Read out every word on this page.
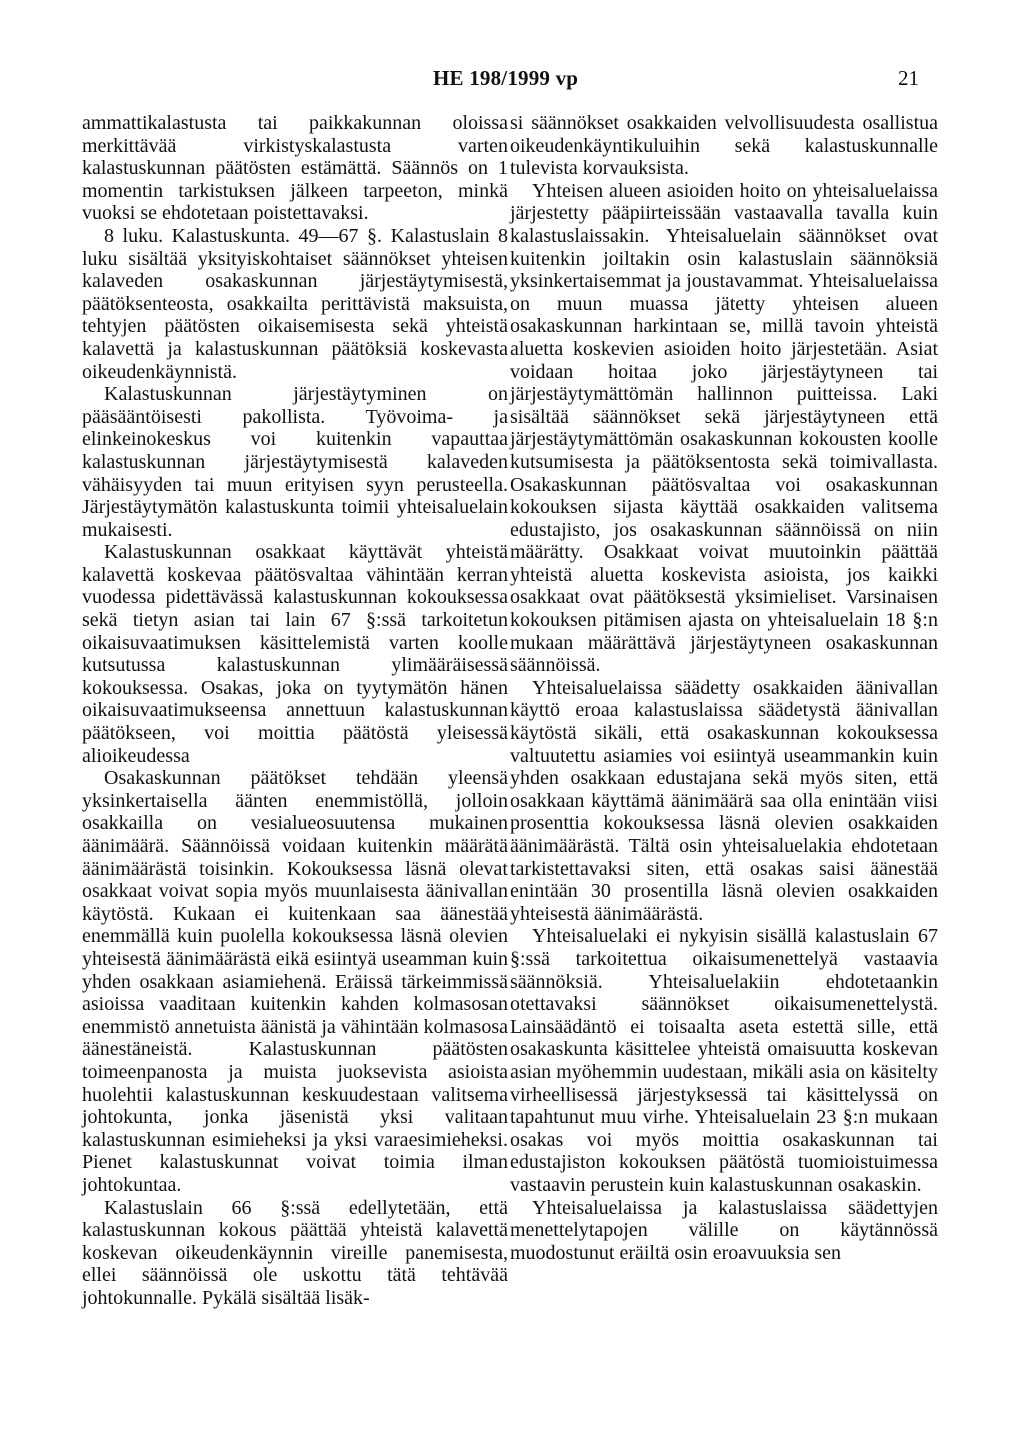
HE 198/1999 vp	21

ammattikalastusta tai paikkakunnan oloissa merkittävää virkistyskalastusta varten kalastuskunnan päätösten estämättä. Säännös on 1 momentin tarkistuksen jälkeen tarpeeton, minkä vuoksi se ehdotetaan poistettavaksi.

8 luku. Kalastuskunta. 49—67 §. Kalastuslain 8 luku sisältää yksityiskohtaiset säännökset yhteisen kalaveden osakaskunnan järjestäytymisestä, päätöksenteosta, osakkailta perittävistä maksuista, tehtyjen päätösten oikaisemisesta sekä yhteistä kalavettä ja kalastuskunnan päätöksiä koskevasta oikeudenkäynnistä.

Kalastuskunnan järjestäytyminen on pääsääntöisesti pakollista. Työvoima- ja elinkeinokeskus voi kuitenkin vapauttaa kalastuskunnan järjestäytymisestä kalaveden vähäisyyden tai muun erityisen syyn perusteella. Järjestäytymätön kalastuskunta toimii yhteisaluelain mukaisesti.

Kalastuskunnan osakkaat käyttävät yhteistä kalavettä koskevaa päätösvaltaa vähintään kerran vuodessa pidettävässä kalastuskunnan kokouksessa sekä tietyn asian tai lain 67 §:ssä tarkoitetun oikaisuvaatimuksen käsittelemistä varten koolle kutsutussa kalastuskunnan ylimääräisessä kokouksessa. Osakas, joka on tyytymätön hänen oikaisuvaatimukseensa annettuun kalastuskunnan päätökseen, voi moittia päätöstä yleisessä alioikeudessa

Osakaskunnan päätökset tehdään yleensä yksinkertaisella äänten enemmistöllä, jolloin osakkailla on vesialueosuutensa mukainen äänimäärä. Säännöissä voidaan kuitenkin määrätä äänimäärästä toisinkin. Kokouksessa läsnä olevat osakkaat voivat sopia myös muunlaisesta äänivallan käytöstä. Kukaan ei kuitenkaan saa äänestää enemmällä kuin puolella kokouksessa läsnä olevien yhteisestä äänimäärästä eikä esiintyä useamman kuin yhden osakkaan asiamiehenä. Eräissä tärkeimmissä asioissa vaaditaan kuitenkin kahden kolmasosan enemmistö annetuista äänistä ja vähintään kolmasosa äänestäneistä. Kalastuskunnan päätösten toimeenpanosta ja muista juoksevista asioista huolehtii kalastuskunnan keskuudestaan valitsema johtokunta, jonka jäsenistä yksi valitaan kalastuskunnan esimieheksi ja yksi varaesimieheksi. Pienet kalastuskunnat voivat toimia ilman johtokuntaa.

Kalastuslain 66 §:ssä edellytetään, että kalastuskunnan kokous päättää yhteistä kalavettä koskevan oikeudenkäynnin vireille panemisesta, ellei säännöissä ole uskottu tätä tehtävää johtokunnalle. Pykälä sisältää lisäk-

si säännökset osakkaiden velvollisuudesta osallistua oikeudenkäyntikuluihin sekä kalastuskunnalle tulevista korvauksista.

Yhteisen alueen asioiden hoito on yhteisaluelaissa järjestetty pääpiirteissään vastaavalla tavalla kuin kalastuslaissakin. Yhteisaluelain säännökset ovat kuitenkin joiltakin osin kalastuslain säännöksiä yksinkertaisemmat ja joustavammat. Yhteisaluelaissa on muun muassa jätetty yhteisen alueen osakaskunnan harkintaan se, millä tavoin yhteistä aluetta koskevien asioiden hoito järjestetään. Asiat voidaan hoitaa joko järjestäytyneen tai järjestäytymättömän hallinnon puitteissa. Laki sisältää säännökset sekä järjestäytyneen että järjestäytymättömän osakaskunnan kokousten koolle kutsumisesta ja päätöksentosta sekä toimivallasta. Osakaskunnan päätösvaltaa voi osakaskunnan kokouksen sijasta käyttää osakkaiden valitsema edustajisto, jos osakaskunnan säännöissä on niin määrätty. Osakkaat voivat muutoinkin päättää yhteistä aluetta koskevista asioista, jos kaikki osakkaat ovat päätöksestä yksimieliset. Varsinaisen kokouksen pitämisen ajasta on yhteisaluelain 18 §:n mukaan määrättävä järjestäytyneen osakaskunnan säännöissä.

Yhteisaluelaissa säädetty osakkaiden äänivallan käyttö eroaa kalastuslaissa säädetystä äänivallan käytöstä sikäli, että osakaskunnan kokouksessa valtuutettu asiamies voi esiintyä useammankin kuin yhden osakkaan edustajana sekä myös siten, että osakkaan käyttämä äänimäärä saa olla enintään viisi prosenttia kokouksessa läsnä olevien osakkaiden äänimäärästä. Tältä osin yhteisaluelakia ehdotetaan tarkistettavaksi siten, että osakas saisi äänestää enintään 30 prosentilla läsnä olevien osakkaiden yhteisestä äänimäärästä.

Yhteisaluelaki ei nykyisin sisällä kalastuslain 67 §:ssä tarkoitettua oikaisumenettelyä vastaavia säännöksiä. Yhteisaluelakiin ehdotetaankin otettavaksi säännökset oikaisumenettelystä. Lainsäädäntö ei toisaalta aseta estettä sille, että osakaskunta käsittelee yhteistä omaisuutta koskevan asian myöhemmin uudestaan, mikäli asia on käsitelty virheellisessä järjestyksessä tai käsittelyssä on tapahtunut muu virhe. Yhteisaluelain 23 §:n mukaan osakas voi myös moittia osakaskunnan tai edustajiston kokouksen päätöstä tuomioistuimessa vastaavin perustein kuin kalastuskunnan osakaskin.

Yhteisaluelaissa ja kalastuslaissa säädettyjen menettelytapojen välille on käytännössä muodostunut eräiltä osin eroavuuksia sen
